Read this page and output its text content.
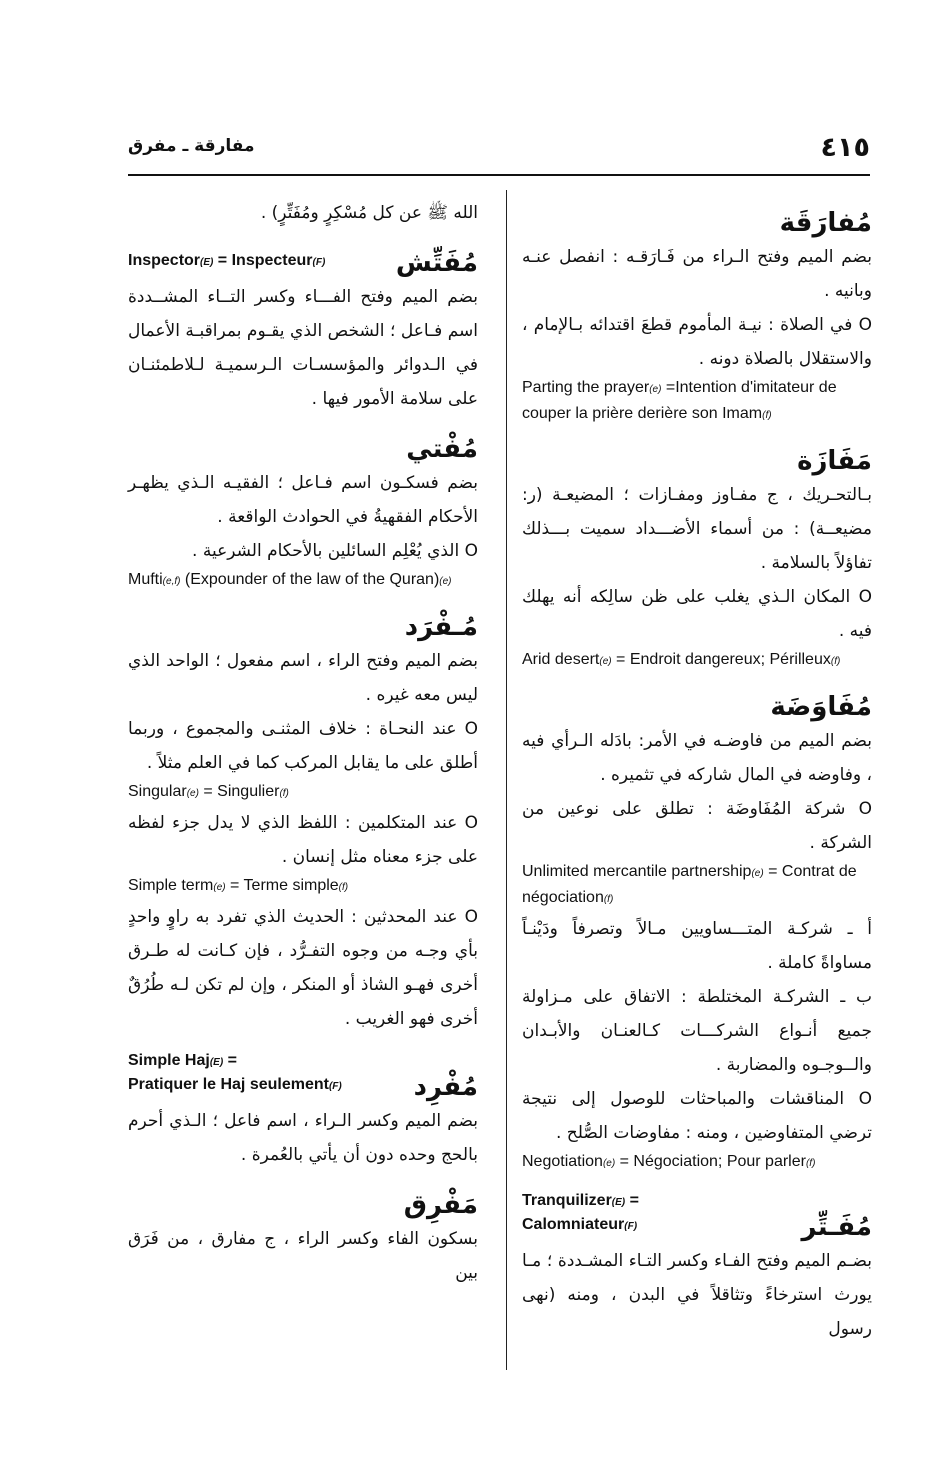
٤١٥
مفارقة ـ مفرق
مُفارَقَة

بضم الميم وفتح الـراء من فَـارَقـه : انفصل عنـه وبانيه .

O في الصلاة : نيـة المأموم قطعَ اقتدائه بـالإمام ، والاستقلال بالصلاة دونه .

Parting the prayer(e) =Intention d'imitateur de couper la prière derière son Imam(f)

مَفَازَة

بـالتحـريك ، ج مفـاوز ومفـازات ؛ المضيعـة (ر: مضيعــة) : من أسماء الأضـــداد سميت بـــذلك تفاؤلاً بالسلامة .

O المكان الـذي يغلب على ظن سالِكه أنه يهلك فيه .

Arid desert(e) = Endroit dangereux; Périlleux(f)

مُفَاوَضَة

بضم الميم من فاوضـه في الأمر: بادَله الـرأي فيه ، وفاوضه في المال شاركه في تثميره .

O شركة المُفَاوضَة : تطلق على نوعين من الشركة .

Unlimited mercantile partnership(e) = Contrat de négociation(f)

أ ـ شركـة المتـــساويين مـالاً وتصرفاً ودَيْنـاً مساواةً كاملة .

ب ـ الشركـة المختلطة : الاتفاق على مـزاولة جميع أنـواع الشركـــات كـالعنـان والأبـدان والــوجـوه والمضاربة .

O المناقشات والمباحثات للوصول إلى نتيجة ترضي المتفاوضين ، ومنه : مفاوضات الصُّلح .

Negotiation(e) = Négociation; Pour parler(f)

مُفَـتِّر
Tranquilizer(E) =
Calomniateur(F)

بضـم الميم وفتح الفـاء وكسر التـاء المشـددة ؛ مـا يورث استرخاءً وتثاقلاً في البدن ، ومنه (نهى رسول

الله ﷺ عن كل مُسْكِرٍ ومُفَتِّرٍ) .

مُفَتِّش
Inspector(E) = Inspecteur(F)

بضم الميم وفتح الفـــاء وكسر التــاء المشــددة اسم فـاعل ؛ الشخص الذي يقـوم بمراقبـة الأعمال في الـدوائر والمؤسسـات الـرسميـة لـلاطمئنـان على سلامة الأمور فيها .

مُفْتي

بضم فسكـون اسم فـاعل ؛ الفقيـه الـذي يظهـر الأحكام الفقهيةُ في الحوادث الواقعة .

O الذي يُعْلِم السائلين بالأحكام الشرعية .

Mufti(e,f) (Expounder of the law of the Quran)(e)

مُـفْرَد

بضم الميم وفتح الراء ، اسم مفعول ؛ الواحد الذي ليس معه غيره .

O عند النحـاة : خلاف المثنـى والمجموع ، وربما أطلق على ما يقابل المركب كما في العلم مثلاً .

Singular(e) = Singulier(f)

O عند المتكلمين : اللفظ الذي لا يدل جزء لفظه على جزء معناه مثل إنسان .

Simple term(e) = Terme simple(f)

O عند المحدثين : الحديث الذي تفرد به راوٍ واحدٍ بأي وجـه من وجوه التفـرُّد ، فإن كـانت له طـرق أخرى فهـو الشاذ أو المنكر ، وإن لم تكن لـه طُرُقٌ أخرى فهو الغريب .

مُفْرِد
Simple Haj(E) =
Pratiquer le Haj seulement(F)

بضم الميم وكسر الـراء ، اسم فاعل ؛ الـذي أحرم بالحج وحده دون أن يأتي بالعُمرة .

مَفْرِق

بسكون الفاء وكسر الراء ، ج مفارق ، من فَرَق بين
